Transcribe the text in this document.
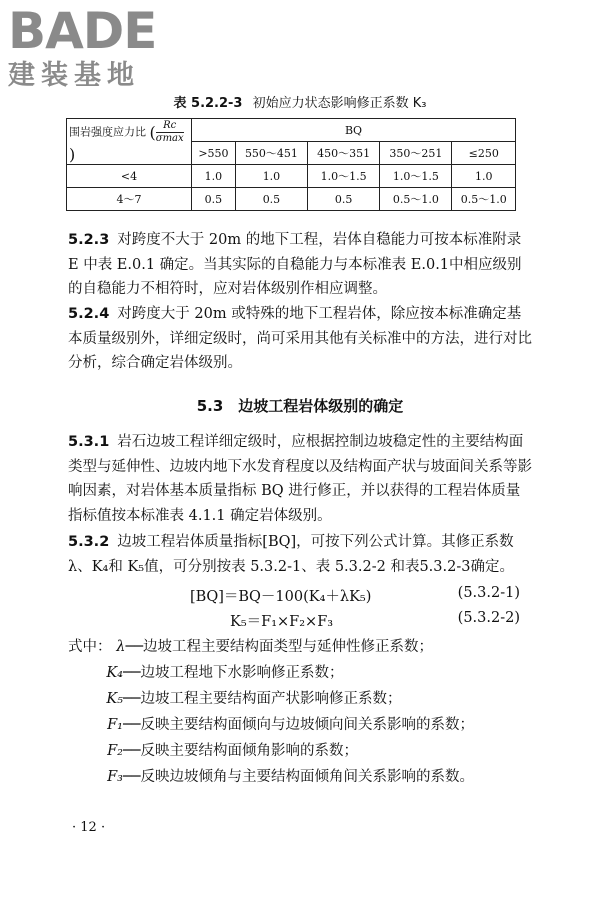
BADE
建装基地
表 5.2.2-3 初始应力状态影响修正系数 K₃
围岩强度应力比 ( $\frac{Rc}{\sigma\max}$)	BQ				
	>550	550～451	450～351	350～251	≤250
<4	1.0	1.0	1.0～1.5	1.0～1.5	1.0
4～7	0.5	0.5	0.5	0.5～1.0	0.5～1.0
5.2.3 对跨度不大于 20m 的地下工程，岩体自稳能力可按本标准附录 E 中表 E.0.1 确定。当其实际的自稳能力与本标准表 E.0.1中相应级别的自稳能力不相符时，应对岩体级别作相应调整。
5.2.4 对跨度大于 20m 或特殊的地下工程岩体，除应按本标准确定基本质量级别外，详细定级时，尚可采用其他有关标准中的方法，进行对比分析，综合确定岩体级别。
5.3　边坡工程岩体级别的确定
5.3.1 岩石边坡工程详细定级时，应根据控制边坡稳定性的主要结构面类型与延伸性、边坡内地下水发育程度以及结构面产状与坡面间关系等影响因素，对岩体基本质量指标 BQ 进行修正，并以获得的工程岩体质量指标值按本标准表 4.1.1 确定岩体级别。
5.3.2 边坡工程岩体质量指标[BQ]，可按下列公式计算。其修正系数λ、K₄和 K₅值，可分别按表 5.3.2-1、表 5.3.2-2 和表5.3.2-3确定。
[BQ]＝BQ－100(K₄＋λK₅)	(5.3.2-1)
K₅＝F₁×F₂×F₃	(5.3.2-2)
式中： λ ──边坡工程主要结构面类型与延伸性修正系数；
K₄ ──边坡工程地下水影响修正系数；
K₅ ──边坡工程主要结构面产状影响修正系数；
F₁ ──反映主要结构面倾向与边坡倾向间关系影响的系数；
F₂ ──反映主要结构面倾角影响的系数；
F₃ ──反映边坡倾角与主要结构面倾角间关系影响的系数。
· 12 ·
